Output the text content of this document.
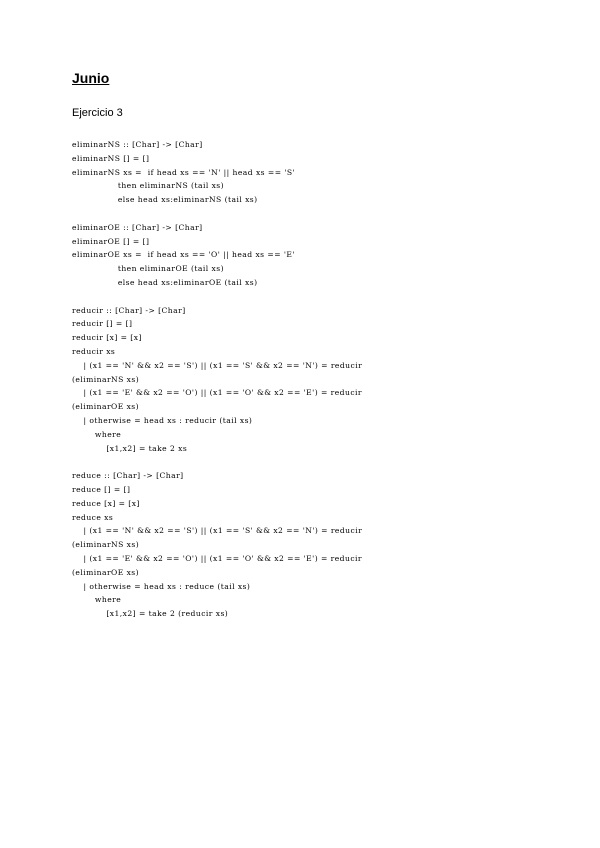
Junio

Ejercicio 3

eliminarNS :: [Char] -> [Char]
eliminarNS [] = []
eliminarNS xs =  if head xs == 'N' || head xs == 'S'
then eliminarNS (tail xs)
else head xs:eliminarNS (tail xs)
eliminarOE :: [Char] -> [Char]
eliminarOE [] = []
eliminarOE xs =  if head xs == 'O' || head xs == 'E'
then eliminarOE (tail xs)
else head xs:eliminarOE (tail xs)
reducir :: [Char] -> [Char]
reducir [] = []
reducir [x] = [x]
reducir xs
| (x1 == 'N' && x2 == 'S') || (x1 == 'S' && x2 == 'N') = reducir
(eliminarNS xs)
| (x1 == 'E' && x2 == 'O') || (x1 == 'O' && x2 == 'E') = reducir
(eliminarOE xs)
| otherwise = head xs : reducir (tail xs)
where
[x1,x2] = take 2 xs
reduce :: [Char] -> [Char]
reduce [] = []
reduce [x] = [x]
reduce xs
| (x1 == 'N' && x2 == 'S') || (x1 == 'S' && x2 == 'N') = reducir
(eliminarNS xs)
| (x1 == 'E' && x2 == 'O') || (x1 == 'O' && x2 == 'E') = reducir
(eliminarOE xs)
| otherwise = head xs : reduce (tail xs)
where
[x1,x2] = take 2 (reducir xs)
